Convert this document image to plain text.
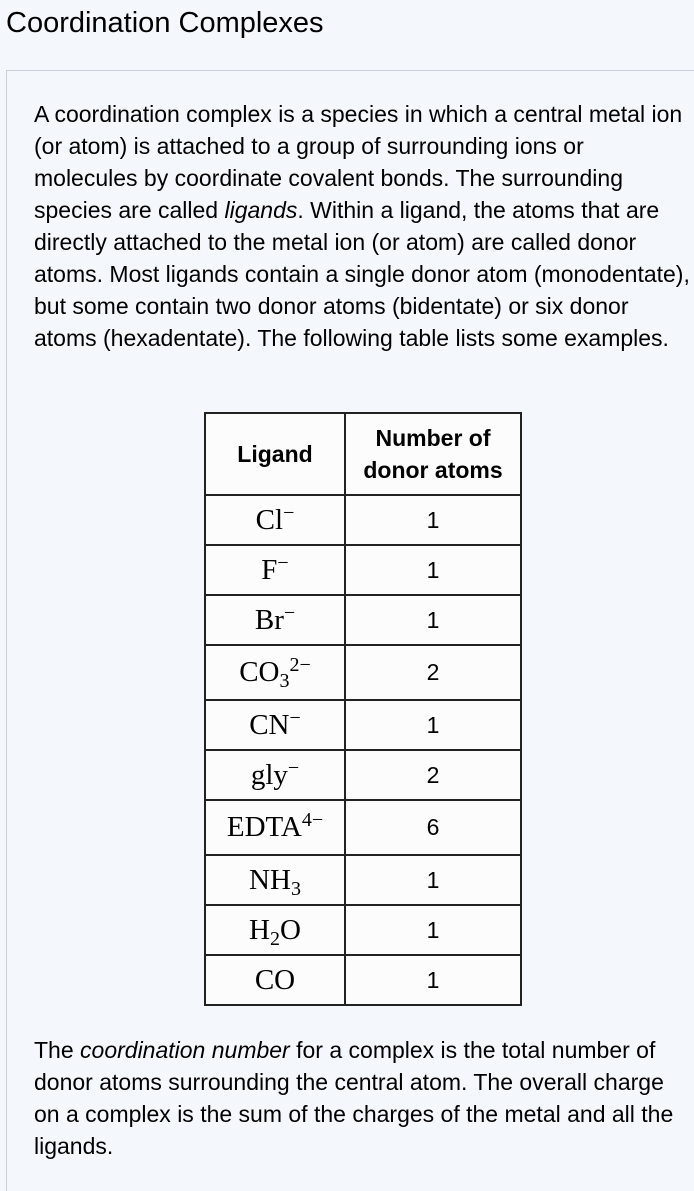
Coordination Complexes

A coordination complex is a species in which a central metal ion (or atom) is attached to a group of surrounding ions or molecules by coordinate covalent bonds. The surrounding species are called ligands. Within a ligand, the atoms that are directly attached to the metal ion (or atom) are called donor atoms. Most ligands contain a single donor atom (monodentate), but some contain two donor atoms (bidentate) or six donor atoms (hexadentate). The following table lists some examples.

Ligand	Number of donor atoms
Cl−	1
F−	1
Br−	1
$CO_3^{2-}$	2
CN−	1
gly−	2
$EDTA^{4-}$	6
$NH_3$	1
$H_2O$	1
CO	1

The coordination number for a complex is the total number of donor atoms surrounding the central atom. The overall charge on a complex is the sum of the charges of the metal and all the ligands.
